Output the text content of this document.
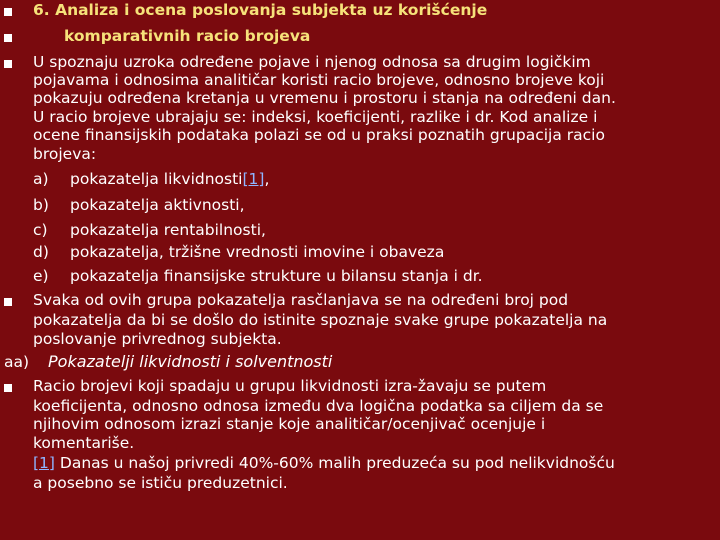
6. Analiza i ocena poslovanja subjekta uz korišćenje
komparativnih racio brojeva
U spoznaju uzroka određene pojave i njenog odnosa sa drugim logičkim
pojavama i odnosima analitičar koristi racio brojeve, odnosno brojeve koji
pokazuju određena kretanja u vremenu i prostoru i stanja na određeni dan.
U racio brojeve ubrajaju se: indeksi, koeficijenti, razlike i dr. Kod analize i
ocene finansijskih podataka polazi se od u praksi poznatih grupacija racio
brojeva:
a) pokazatelja likvidnosti[1],
b) pokazatelja aktivnosti,
c) pokazatelja rentabilnosti,
d) pokazatelja, tržišne vrednosti imovine i obaveza
e) pokazatelja finansijske strukture u bilansu stanja i dr.
Svaka od ovih grupa pokazatelja rasčlanjava se na određeni broj pod
pokazatelja da bi se došlo do istinite spoznaje svake grupe pokazatelja na
poslovanje privrednog subjekta.
aa) Pokazatelji likvidnosti i solventnosti
Racio brojevi koji spadaju u grupu likvidnosti izra-žavaju se putem
koeficijenta, odnosno odnosa između dva logična podatka sa ciljem da se
njihovim odnosom izrazi stanje koje analitičar/ocenjivač ocenjuje i
komentariše.
[1] Danas u našoj privredi 40%-60% malih preduzeća su pod nelikvidnošću
a posebno se ističu preduzetnici.
